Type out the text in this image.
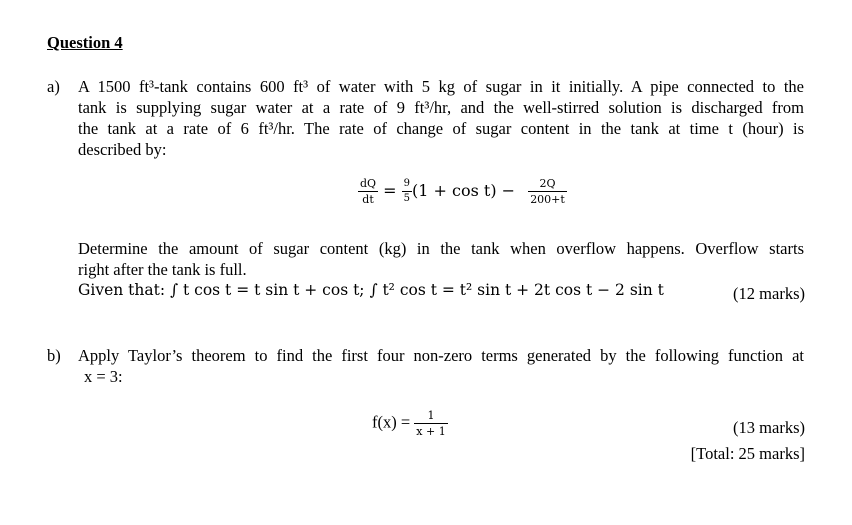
Question 4
a) A 1500 ft³-tank contains 600 ft³ of water with 5 kg of sugar in it initially. A pipe connected to the
tank is supplying sugar water at a rate of 9 ft³/hr, and the well-stirred solution is discharged from
the tank at a rate of 6 ft³/hr. The rate of change of sugar content in the tank at time t (hour) is
described by:
$\frac{dQ}{dt} = \frac{9}{5} (1 + \cos t) - \frac{2Q}{200+t}$
Determine the amount of sugar content (kg) in the tank when overflow happens. Overflow starts
right after the tank is full.
Given that: ∫ t cos t = t sin t + cos t; ∫ t² cos t = t² sin t + 2t cos t − 2 sin t	(12 marks)
b) Apply Taylor’s theorem to find the first four non-zero terms generated by the following function at
x = 3:
$f(x) = \frac{1}{x + 1}$	(13 marks)
[Total: 25 marks]
